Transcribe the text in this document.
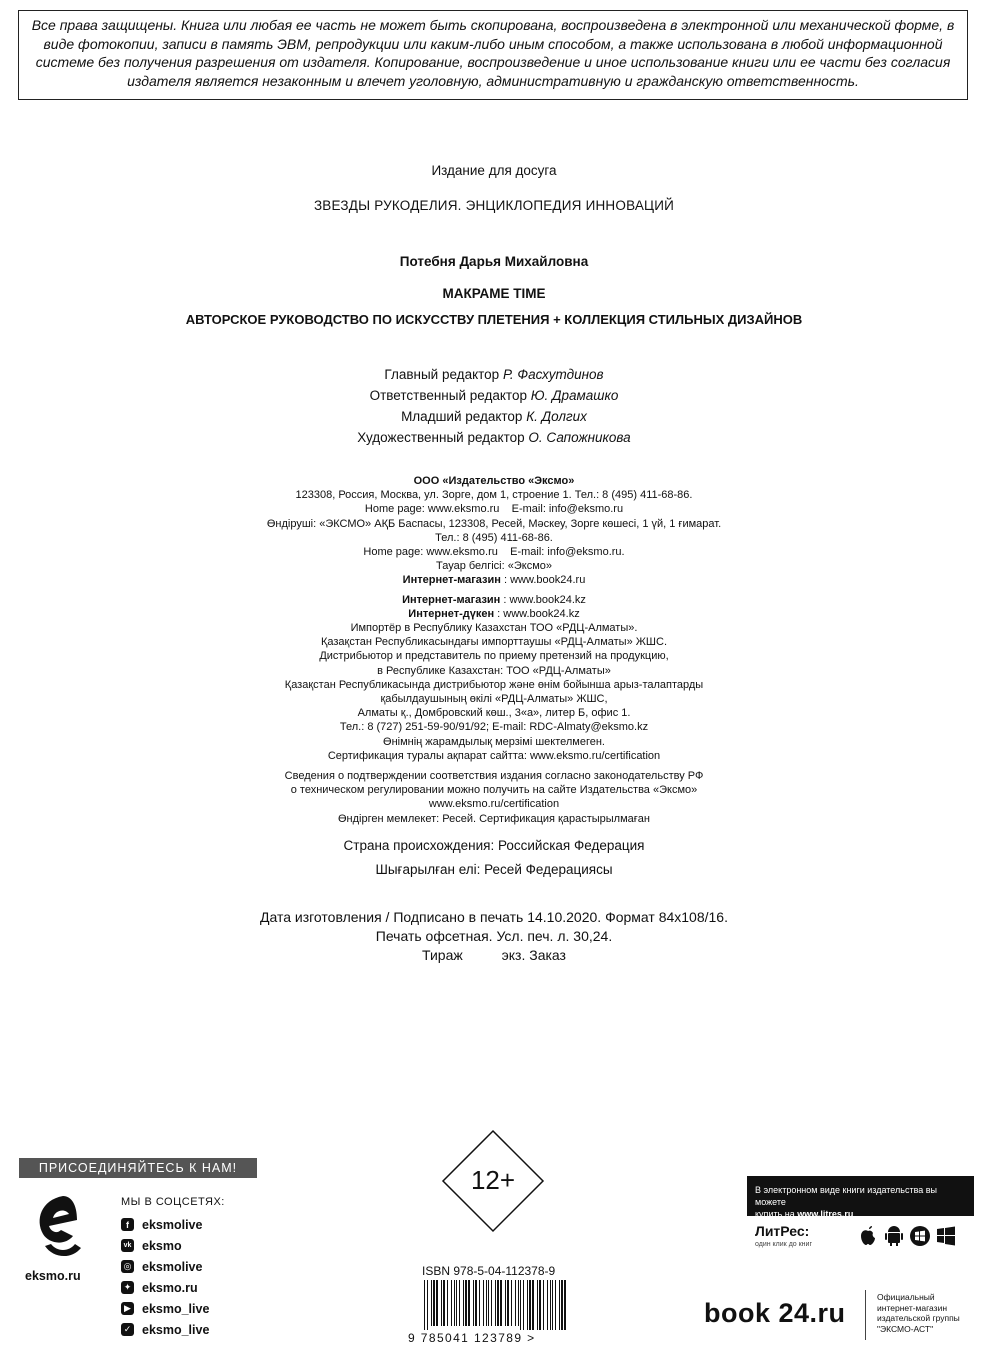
Все права защищены. Книга или любая ее часть не может быть скопирована, воспроизведена в электронной или механической форме, в виде фотокопии, записи в память ЭВМ, репродукции или каким-либо иным способом, а также использована в любой информационной системе без получения разрешения от издателя. Копирование, воспроизведение и иное использование книги или ее части без согласия издателя является незаконным и влечет уголовную, административную и гражданскую ответственность.
Издание для досуга
ЗВЕЗДЫ РУКОДЕЛИЯ. ЭНЦИКЛОПЕДИЯ ИННОВАЦИЙ
Потебня Дарья Михайловна
МАКРАМЕ TIME
АВТОРСКОЕ РУКОВОДСТВО ПО ИСКУССТВУ ПЛЕТЕНИЯ + КОЛЛЕКЦИЯ СТИЛЬНЫХ ДИЗАЙНОВ
Главный редактор Р. Фасхутдинов
Ответственный редактор Ю. Драмашко
Младший редактор К. Долгих
Художественный редактор О. Сапожникова
ООО «Издательство «Эксмо»
123308, Россия, Москва, ул. Зорге, дом 1, строение 1. Тел.: 8 (495) 411-68-86.
Home page: www.eksmo.ru    E-mail: info@eksmo.ru
Өндіруші: «ЭКСМО» АҚБ Баспасы, 123308, Ресей, Мәскеу, Зорге көшесі, 1 үй, 1 ғимарат.
Тел.: 8 (495) 411-68-86.
Home page: www.eksmo.ru    E-mail: info@eksmo.ru.
Тауар белгісі: «Эксмо»
Интернет-магазин : www.book24.ru
Интернет-магазин : www.book24.kz
Интернет-дүкен : www.book24.kz
Импортёр в Республику Казахстан ТОО «РДЦ-Алматы».
Қазақстан Республикасындағы импорттаушы «РДЦ-Алматы» ЖШС.
Дистрибьютор и представитель по приему претензий на продукцию,
в Республике Казахстан: ТОО «РДЦ-Алматы»
Қазақстан Республикасында дистрибьютор және өнім бойынша арыз-талаптарды
қабылдаушының өкілі «РДЦ-Алматы» ЖШС,
Алматы қ., Домбровский көш., 3«а», литер Б, офис 1.
Тел.: 8 (727) 251-59-90/91/92; E-mail: RDC-Almaty@eksmo.kz
Өнімнің жарамдылық мерзімі шектелмеген.
Сертификация туралы ақпарат сайтта: www.eksmo.ru/certification
Сведения о подтверждении соответствия издания согласно законодательству РФ
о техническом регулировании можно получить на сайте Издательства «Эксмо»
www.eksmo.ru/certification
Өндірген мемлекет: Ресей. Сертификация қарастырылмаған
Страна происхождения: Российская Федерация
Шығарылған елі: Ресей Федерациясы
Дата изготовления / Подписано в печать 14.10.2020. Формат 84x108/16.
Печать офсетная. Усл. печ. л. 30,24.
Тираж          экз. Заказ
ПРИСОЕДИНЯЙТЕСЬ К НАМ!
eksmo.ru
МЫ В СОЦСЕТЯХ:
f	eksmolive
vk eksmo
◎ eksmolive
✦ eksmo.ru
▶ eksmo_live
✓ eksmo_live
12+
ISBN 978-5-04-112378-9
9 785041 123789 >
В электронном виде книги издательства вы можете
купить на www.litres.ru
ЛитРес:
один клик до книг
book 24.ru
Официальный
интернет-магазин
издательской группы
"ЭКСМО-АСТ"
